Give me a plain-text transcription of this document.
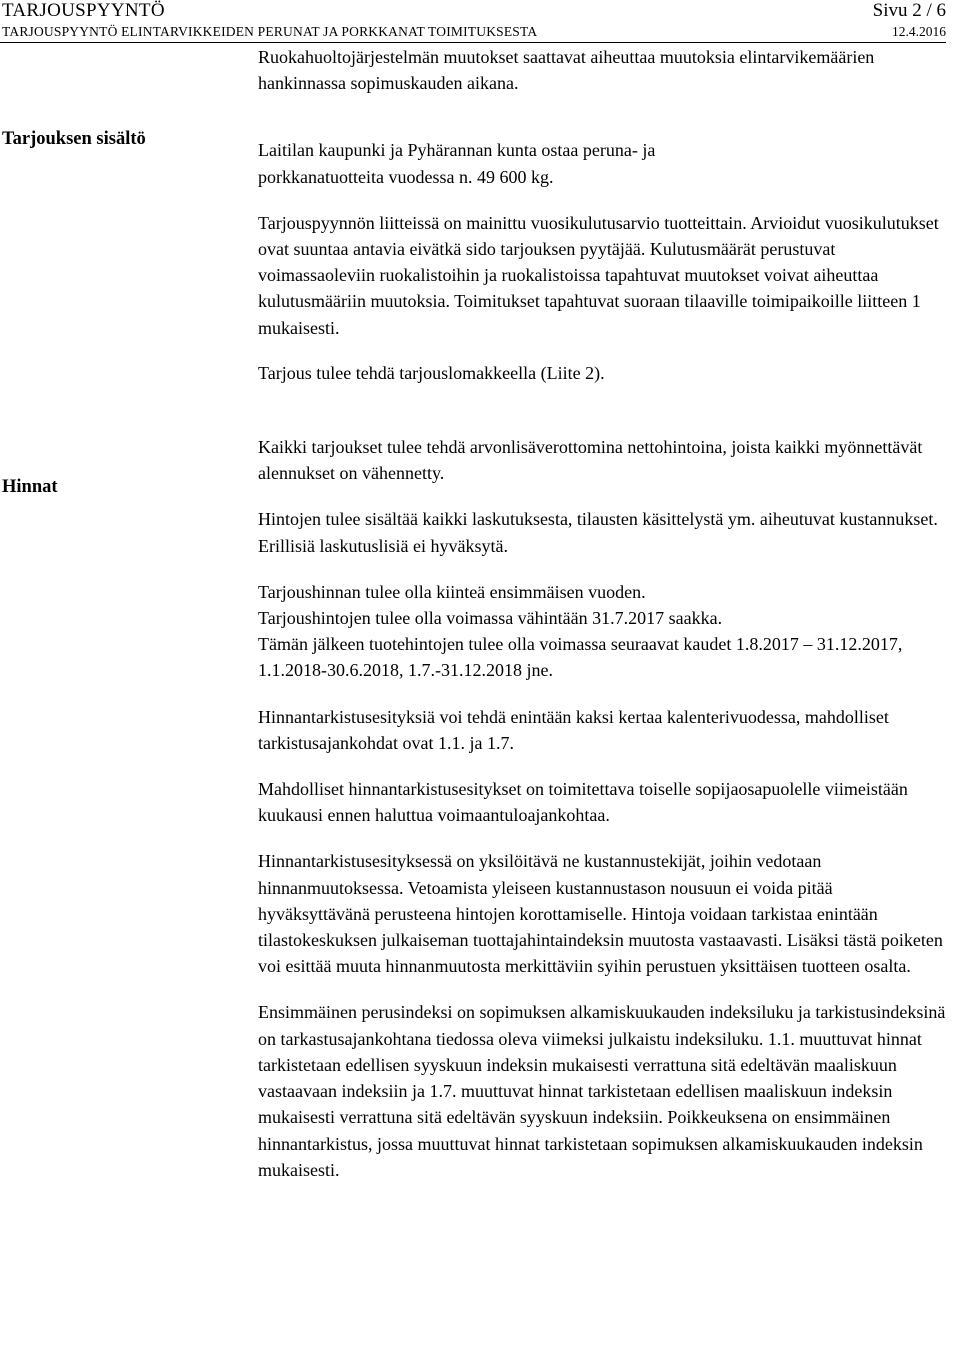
TARJOUSPYYNTÖ	Sivu 2 / 6
TARJOUSPYYNTÖ ELINTARVIKKEIDEN PERUNAT JA PORKKANAT TOIMITUKSESTA	12.4.2016
Tarjouksen sisältö
Hinnat

Ruokahuoltojärjestelmän muutokset saattavat aiheuttaa muutoksia elintarvikemäärien hankinnassa sopimuskauden aikana.

Laitilan kaupunki ja Pyhärannan kunta ostaa peruna- ja porkkanatuotteita vuodessa n. 49 600 kg.

Tarjouspyynnön liitteissä on mainittu vuosikulutusarvio tuotteittain. Arvioidut vuosikulutukset ovat suuntaa antavia eivätkä sido tarjouksen pyytäjää. Kulutusmäärät perustuvat voimassaoleviin ruokalistoihin ja ruokalistoissa tapahtuvat muutokset voivat aiheuttaa kulutusmääriin muutoksia. Toimitukset tapahtuvat suoraan tilaaville toimipaikoille liitteen 1 mukaisesti.

Tarjous tulee tehdä tarjouslomakkeella (Liite 2).

Kaikki tarjoukset tulee tehdä arvonlisäverottomina nettohintoina, joista kaikki myönnettävät alennukset on vähennetty.

Hintojen tulee sisältää kaikki laskutuksesta, tilausten käsittelystä ym. aiheutuvat kustannukset. Erillisiä laskutuslisiä ei hyväksytä.

Tarjoushinnan tulee olla kiinteä ensimmäisen vuoden.

Tarjoushintojen tulee olla voimassa vähintään 31.7.2017 saakka.

Tämän jälkeen tuotehintojen tulee olla voimassa seuraavat kaudet 1.8.2017 – 31.12.2017, 1.1.2018-30.6.2018, 1.7.-31.12.2018 jne.

Hinnantarkistusesityksiä voi tehdä enintään kaksi kertaa kalenterivuodessa, mahdolliset tarkistusajankohdat ovat 1.1. ja 1.7.

Mahdolliset hinnantarkistusesitykset on toimitettava toiselle sopijaosapuolelle viimeistään kuukausi ennen haluttua voimaantuloajankohtaa.

Hinnantarkistusesityksessä on yksilöitävä ne kustannustekijät, joihin vedotaan hinnanmuutoksessa. Vetoamista yleiseen kustannustason nousuun ei voida pitää hyväksyttävänä perusteena hintojen korottamiselle. Hintoja voidaan tarkistaa enintään tilastokeskuksen julkaiseman tuottajahintaindeksin muutosta vastaavasti. Lisäksi tästä poiketen voi esittää muuta hinnanmuutosta merkittäviin syihin perustuen yksittäisen tuotteen osalta.

Ensimmäinen perusindeksi on sopimuksen alkamiskuukauden indeksiluku ja tarkistusindeksinä on tarkastusajankohtana tiedossa oleva viimeksi julkaistu indeksiluku. 1.1. muuttuvat hinnat tarkistetaan edellisen syyskuun indeksin mukaisesti verrattuna sitä edeltävän maaliskuun vastaavaan indeksiin ja 1.7. muuttuvat hinnat tarkistetaan edellisen maaliskuun indeksin mukaisesti verrattuna sitä edeltävän syyskuun indeksiin. Poikkeuksena on ensimmäinen hinnantarkistus, jossa muuttuvat hinnat tarkistetaan sopimuksen alkamiskuukauden indeksin mukaisesti.
